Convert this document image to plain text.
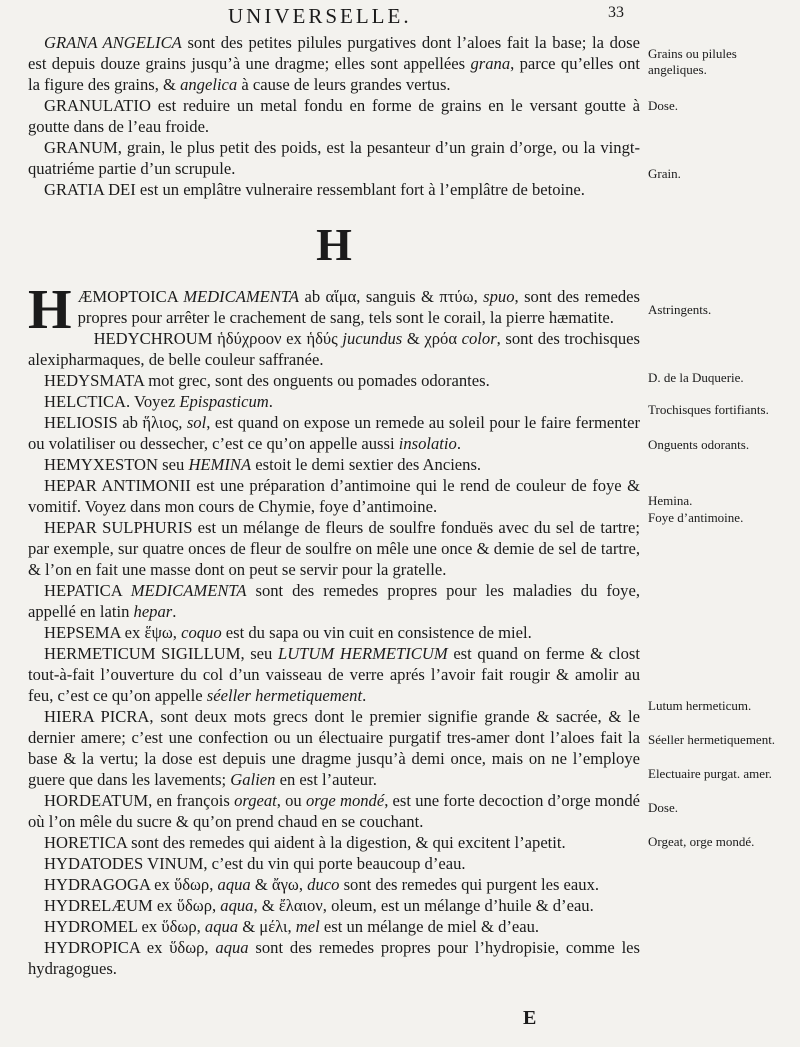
UNIVERSELLE.	33

GRANA ANGELICA sont des petites pilules purgatives dont l’aloes fait la base; la dose est depuis douze grains jusqu’à une dragme; elles sont appellées grana, parce qu’elles ont la figure des grains, & angelica à cause de leurs grandes vertus.

GRANULATIO est reduire un metal fondu en forme de grains en le versant goutte à goutte dans de l’eau froide.

GRANUM, grain, le plus petit des poids, est la pesanteur d’un grain d’orge, ou la vingt-quatriéme partie d’un scrupule.

GRATIA DEI est un emplâtre vulneraire ressemblant fort à l’emplâtre de betoine.

H

HÆMOPTOICA MEDICAMENTA ab αἵμα, sanguis & πτύω, spuo, sont des remedes propres pour arrêter le crachement de sang, tels sont le corail, la pierre hæmatite.

HEDYCHROUM ἡδύχροον ex ἡδύς jucundus & χρόα color, sont des trochisques alexipharmaques, de belle couleur saffranée.

HEDYSMATA mot grec, sont des onguents ou pomades odorantes.

HELCTICA. Voyez Epispasticum.

HELIOSIS ab ἥλιος, sol, est quand on expose un remede au soleil pour le faire fermenter ou volatiliser ou dessecher, c’est ce qu’on appelle aussi insolatio.

HEMYXESTON seu HEMINA estoit le demi sextier des Anciens.

HEPAR ANTIMONII est une préparation d’antimoine qui le rend de couleur de foye & vomitif. Voyez dans mon cours de Chymie, foye d’antimoine.

HEPAR SULPHURIS est un mélange de fleurs de soulfre fonduës avec du sel de tartre; par exemple, sur quatre onces de fleur de soulfre on mêle une once & demie de sel de tartre, & l’on en fait une masse dont on peut se servir pour la gratelle.

HEPATICA MEDICAMENTA sont des remedes propres pour les maladies du foye, appellé en latin hepar.

HEPSEMA ex ἕψω, coquo est du sapa ou vin cuit en consistence de miel.

HERMETICUM SIGILLUM, seu LUTUM HERMETICUM est quand on ferme & clost tout-à-fait l’ouverture du col d’un vaisseau de verre aprés l’avoir fait rougir & amolir au feu, c’est ce qu’on appelle séeller hermetiquement.

HIERA PICRA, sont deux mots grecs dont le premier signifie grande & sacrée, & le dernier amere; c’est une confection ou un électuaire purgatif tres-amer dont l’aloes fait la base & la vertu; la dose est depuis une dragme jusqu’à demi once, mais on ne l’employe guere que dans les lavements; Galien en est l’auteur.

HORDEATUM, en françois orgeat, ou orge mondé, est une forte decoction d’orge mondé où l’on mêle du sucre & qu’on prend chaud en se couchant.

HORETICA sont des remedes qui aident à la digestion, & qui excitent l’apetit.

HYDATODES VINUM, c’est du vin qui porte beaucoup d’eau.

HYDRAGOGA ex ὕδωρ, aqua & ἄγω, duco sont des remedes qui purgent les eaux.

HYDRELÆUM ex ὕδωρ, aqua, & ἔλαιον, oleum, est un mélange d’huile & d’eau.

HYDROMEL ex ὕδωρ, aqua & μέλι, mel est un mélange de miel & d’eau.

HYDROPICA ex ὕδωρ, aqua sont des remedes propres pour l’hydropisie, comme les hydragogues.

Grains ou pilules angeliques.
Dose.
Grain.
Astringents.
D. de la Duquerie.
Trochisques fortifiants.
Onguents odorants.
Hemina.
Foye d’antimoine.
Lutum hermeticum.
Séeller hermetiquement.
Electuaire purgat. amer.
Dose.
Orgeat, orge mondé.
E
